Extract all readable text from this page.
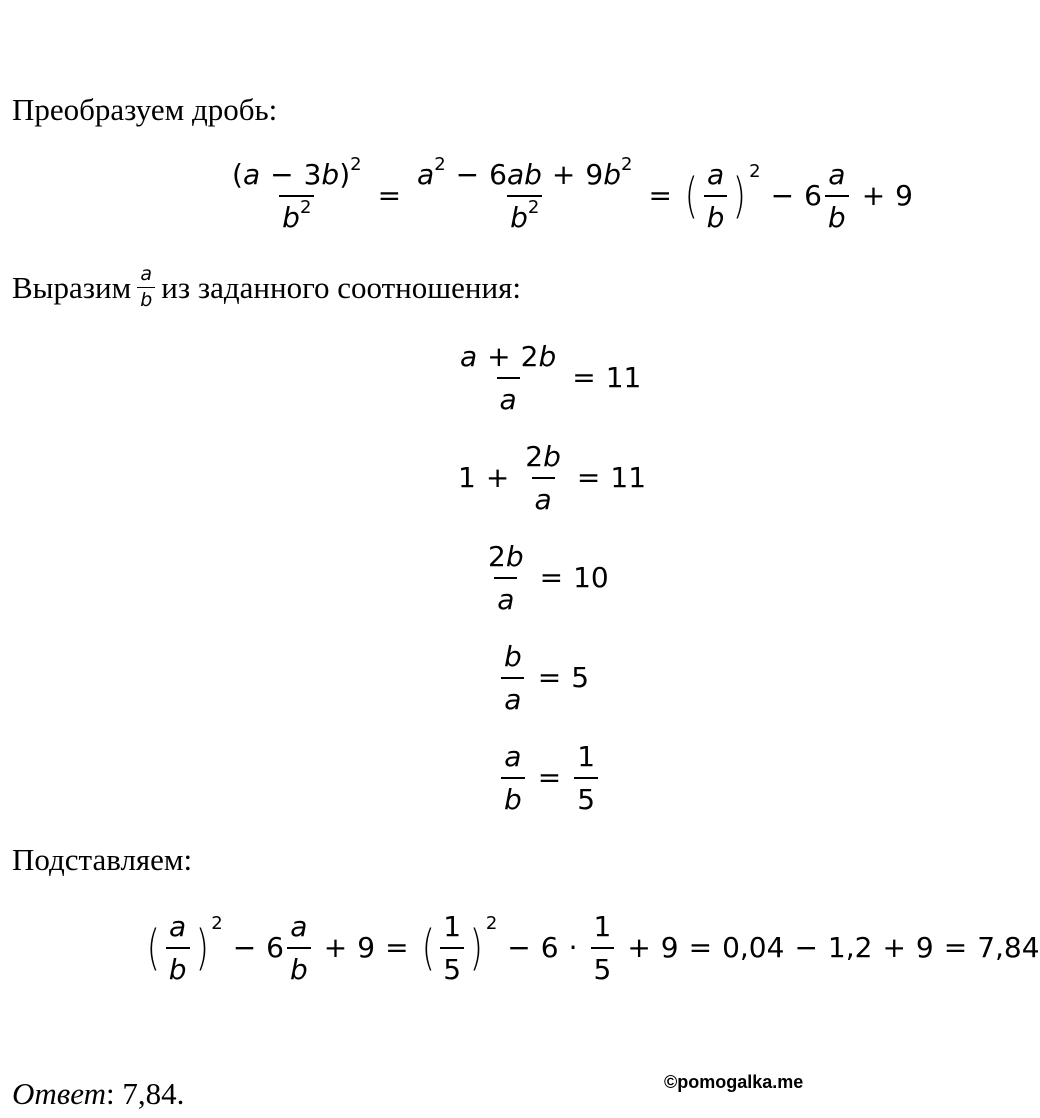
Преобразуем дробь:
$\frac{(a - 3b)^2}{b^2} = \frac{a^2 - 6ab + 9b^2}{b^2}$ = ( $\frac{a}{b}$ ) 2
− $6 \frac{a}{b} + 9$
Выразим $\frac{a}{b}$ из заданного соотношения:
$\frac{a + 2b}{a} = 11$
$1 + \frac{2b}{a} = 11$
$\frac{2b}{a} = 10$
$\frac{b}{a} = 5$
$\frac{a}{b} = \frac{1}{5}$
Подставляем:
( $\frac{a}{b}$ ) 2
− $6 \frac{a}{b} + 9$ = ( $\frac{1}{5}$ ) 2
− $6 \cdot \frac{1}{5} + 9 = 0,04 - 1,2 + 9 = 7,84$
Ответ: 7,84.	©pomogalka.me
